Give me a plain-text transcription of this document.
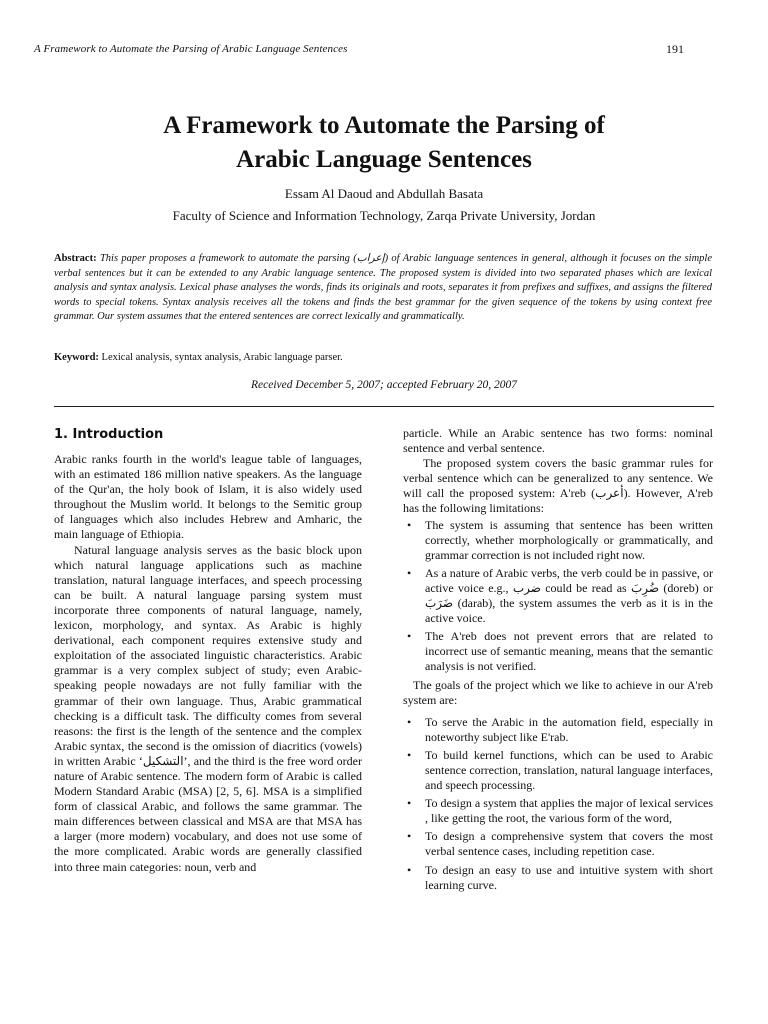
A Framework to Automate the Parsing of Arabic Language Sentences	191
A Framework to Automate the Parsing of
Arabic Language Sentences
Essam Al Daoud and Abdullah Basata
Faculty of Science and Information Technology, Zarqa Private University, Jordan
Abstract: This paper proposes a framework to automate the parsing (إعراب) of Arabic language sentences in general, although it focuses on the simple verbal sentences but it can be extended to any Arabic language sentence. The proposed system is divided into two separated phases which are lexical analysis and syntax analysis. Lexical phase analyses the words, finds its originals and roots, separates it from prefixes and suffixes, and assigns the filtered words to special tokens. Syntax analysis receives all the tokens and finds the best grammar for the given sequence of the tokens by using context free grammar. Our system assumes that the entered sentences are correct lexically and grammatically.
Keyword: Lexical analysis, syntax analysis, Arabic language parser.
Received December 5, 2007; accepted February 20, 2007
1. Introduction

Arabic ranks fourth in the world's league table of languages, with an estimated 186 million native speakers. As the language of the Qur'an, the holy book of Islam, it is also widely used throughout the Muslim world. It belongs to the Semitic group of languages which also includes Hebrew and Amharic, the main language of Ethiopia.

Natural language analysis serves as the basic block upon which natural language applications such as machine translation, natural language interfaces, and speech processing can be built. A natural language parsing system must incorporate three components of natural language, namely, lexicon, morphology, and syntax. As Arabic is highly derivational, each component requires extensive study and exploitation of the associated linguistic characteristics. Arabic grammar is a very complex subject of study; even Arabic-speaking people nowadays are not fully familiar with the grammar of their own language. Thus, Arabic grammatical checking is a difficult task. The difficulty comes from several reasons: the first is the length of the sentence and the complex Arabic syntax, the second is the omission of diacritics (vowels) in written Arabic ‘التشكيل’, and the third is the free word order nature of Arabic sentence. The modern form of Arabic is called Modern Standard Arabic (MSA) [2, 5, 6]. MSA is a simplified form of classical Arabic, and follows the same grammar. The main differences between classical and MSA are that MSA has a larger (more modern) vocabulary, and does not use some of the more complicated. Arabic words are generally classified into three main categories: noun, verb and

particle. While an Arabic sentence has two forms: nominal sentence and verbal sentence.

The proposed system covers the basic grammar rules for verbal sentence which can be generalized to any sentence. We will call the proposed system: A'reb (أعرب). However, A'reb has the following limitations:

• The system is assuming that sentence has been written correctly, whether morphologically or grammatically, and grammar correction is not included right now.
• As a nature of Arabic verbs, the verb could be in passive, or active voice e.g., ضرب could be read as ضُرِبَ (doreb) or ضَرَبَ (darab), the system assumes the verb as it is in the active voice.
• The A'reb does not prevent errors that are related to incorrect use of semantic meaning, means that the semantic analysis is not verified.

The goals of the project which we like to achieve in our A'reb system are:

• To serve the Arabic in the automation field, especially in noteworthy subject like E'rab.
• To build kernel functions, which can be used to Arabic sentence correction, translation, natural language interfaces, and speech processing.
• To design a system that applies the major of lexical services , like getting the root, the various form of the word,
• To design a comprehensive system that covers the most verbal sentence cases, including repetition case.
• To design an easy to use and intuitive system with short learning curve.
